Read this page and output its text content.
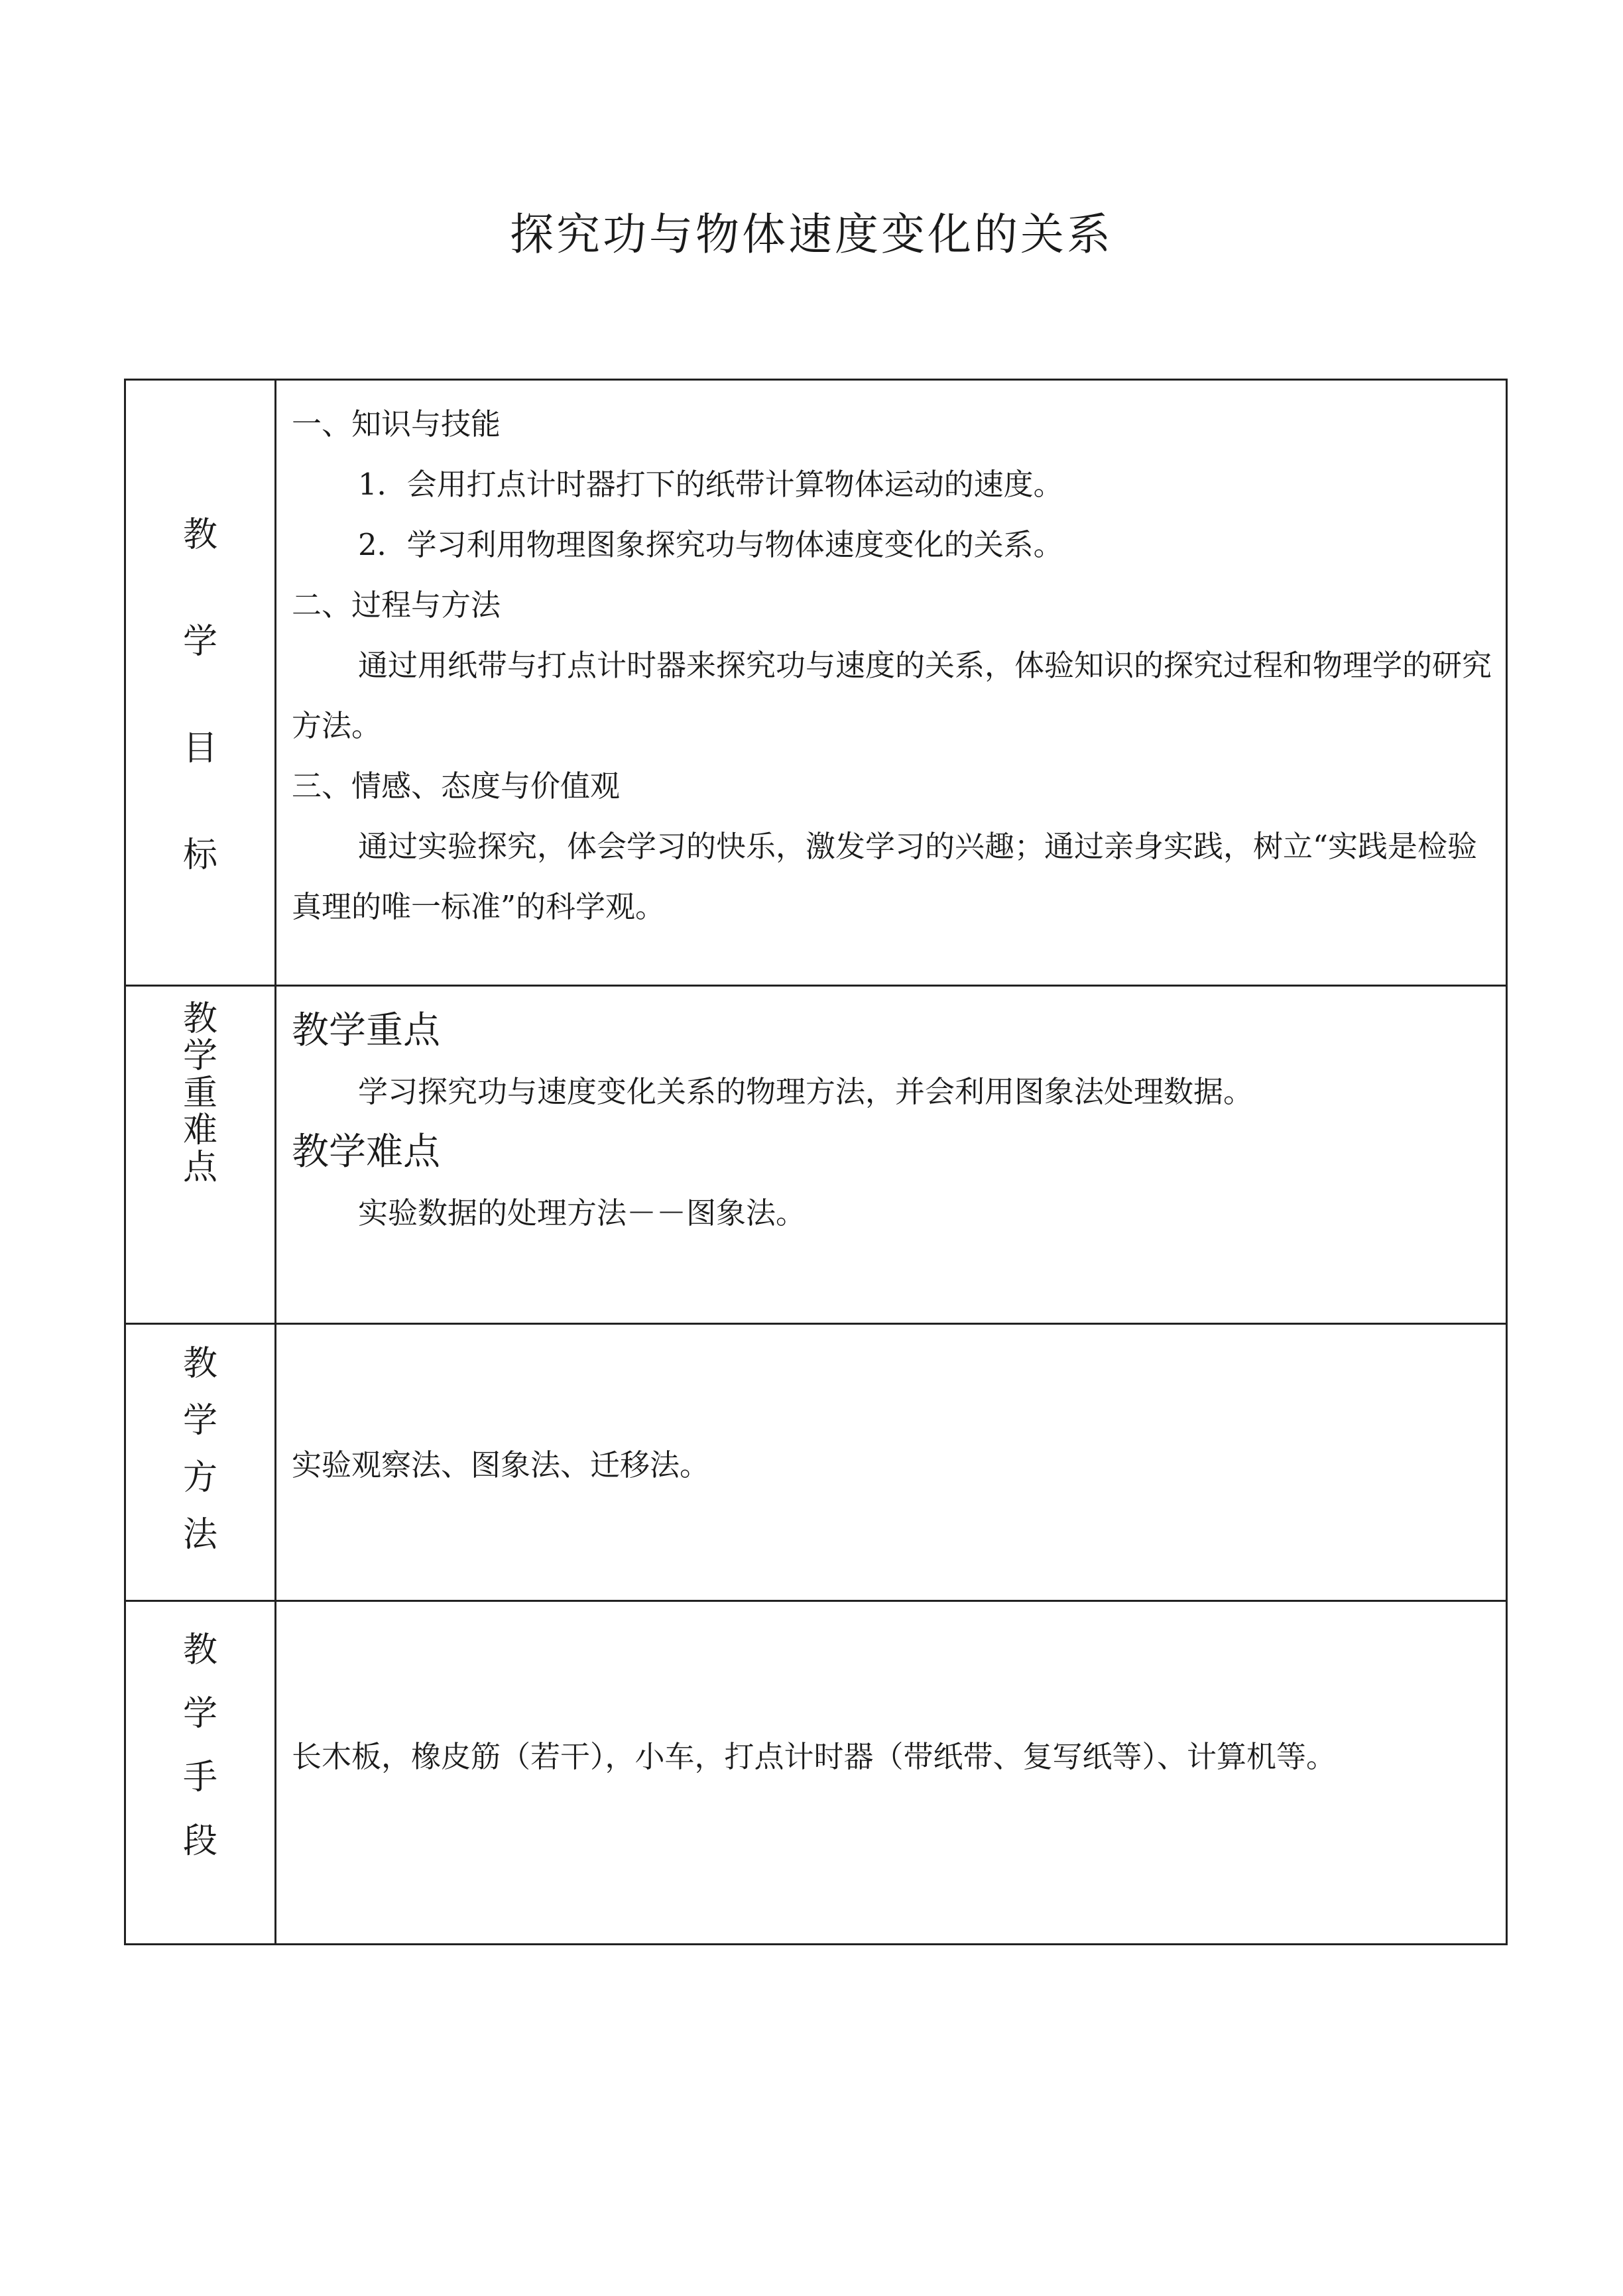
探究功与物体速度变化的关系
教
学
目
标

一、知识与技能

1．会用打点计时器打下的纸带计算物体运动的速度。

2．学习利用物理图象探究功与物体速度变化的关系。

二、过程与方法

通过用纸带与打点计时器来探究功与速度的关系，体验知识的探究过程和物理学的研究方法。

三、情感、态度与价值观

通过实验探究，体会学习的快乐，激发学习的兴趣；通过亲身实践，树立“实践是检验真理的唯一标准”的科学观。

教
学
重
难
点

教学重点

学习探究功与速度变化关系的物理方法，并会利用图象法处理数据。

教学难点

实验数据的处理方法－－图象法。

教
学
方
法

实验观察法、图象法、迁移法。

教
学
手
段

长木板，橡皮筋（若干），小车，打点计时器（带纸带、复写纸等）、计算机等。
